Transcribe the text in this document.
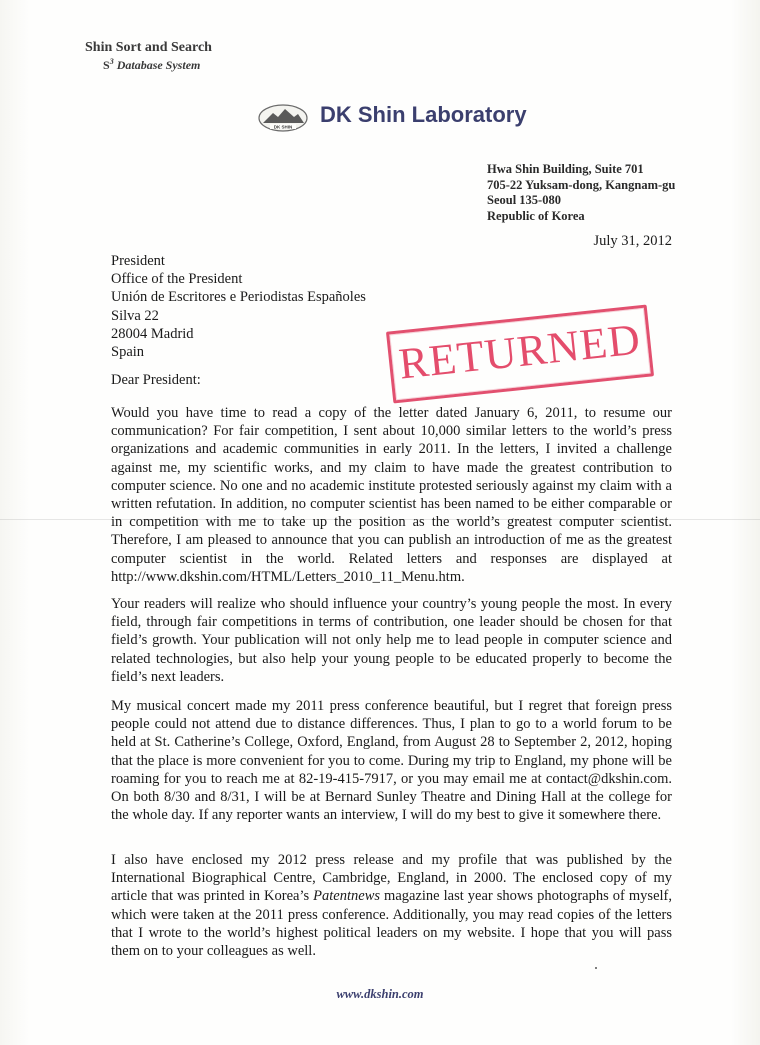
Shin Sort and Search
$S^3$ Database System
DK SHIN
DK Shin Laboratory
Hwa Shin Building, Suite 701
705-22 Yuksam-dong, Kangnam-gu
Seoul 135-080
Republic of Korea
July 31, 2012
President
Office of the President
Unión de Escritores e Periodistas Españoles
Silva 22
28004 Madrid
Spain	RETURNED
Dear President:
Would you have time to read a copy of the letter dated January 6, 2011, to resume our communication? For fair competition, I sent about 10,000 similar letters to the world’s press organizations and academic communities in early 2011. In the letters, I invited a challenge against me, my scientific works, and my claim to have made the greatest contribution to computer science. No one and no academic institute protested seriously against my claim with a written refutation. In addition, no computer scientist has been named to be either comparable or in competition with me to take up the position as the world’s greatest computer scientist. Therefore, I am pleased to announce that you can publish an introduction of me as the greatest computer scientist in the world. Related letters and responses are displayed at http://www.dkshin.com/HTML/Letters_2010_11_Menu.htm.
Your readers will realize who should influence your country’s young people the most. In every field, through fair competitions in terms of contribution, one leader should be chosen for that field’s growth. Your publication will not only help me to lead people in computer science and related technologies, but also help your young people to be educated properly to become the field’s next leaders.
My musical concert made my 2011 press conference beautiful, but I regret that foreign press people could not attend due to distance differences. Thus, I plan to go to a world forum to be held at St. Catherine’s College, Oxford, England, from August 28 to September 2, 2012, hoping that the place is more convenient for you to come. During my trip to England, my phone will be roaming for you to reach me at 82-19-415-7917, or you may email me at contact@dkshin.com. On both 8/30 and 8/31, I will be at Bernard Sunley Theatre and Dining Hall at the college for the whole day. If any reporter wants an interview, I will do my best to give it somewhere there.
I also have enclosed my 2012 press release and my profile that was published by the International Biographical Centre, Cambridge, England, in 2000. The enclosed copy of my article that was printed in Korea’s Patentnews magazine last year shows photographs of myself, which were taken at the 2011 press conference. Additionally, you may read copies of the letters that I wrote to the world’s highest political leaders on my website. I hope that you will pass them on to your colleagues as well.
www.dkshin.com
